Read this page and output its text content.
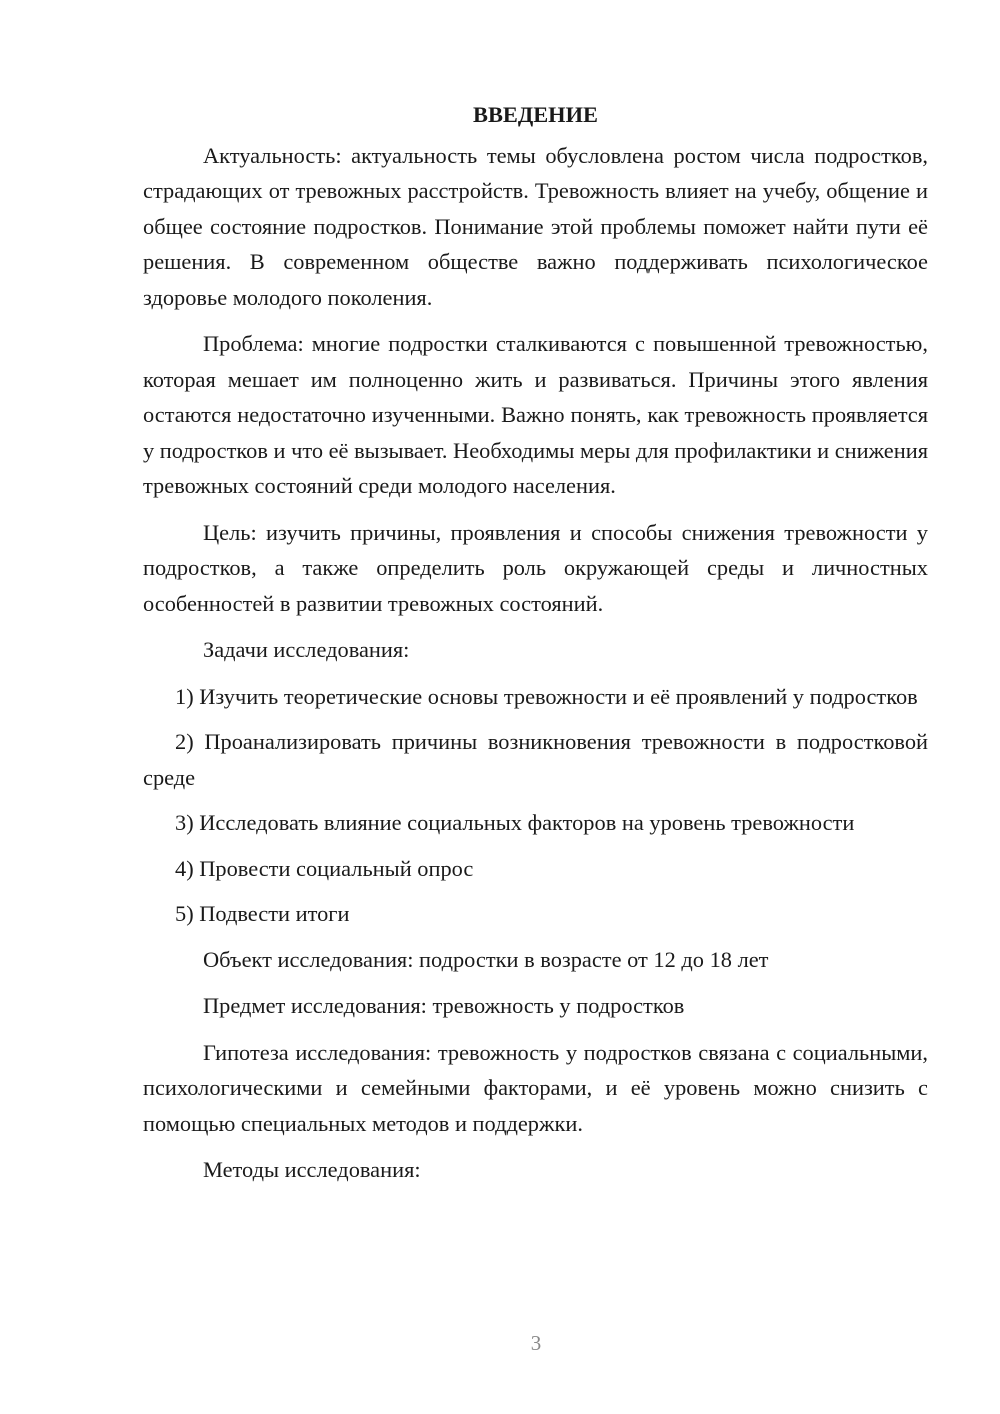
ВВЕДЕНИЕ

Актуальность: актуальность темы обусловлена ростом числа подростков, страдающих от тревожных расстройств. Тревожность влияет на учебу, общение и общее состояние подростков. Понимание этой проблемы поможет найти пути её решения. В современном обществе важно поддерживать психологическое здоровье молодого поколения.

Проблема: многие подростки сталкиваются с повышенной тревожностью, которая мешает им полноценно жить и развиваться. Причины этого явления остаются недостаточно изученными. Важно понять, как тревожность проявляется у подростков и что её вызывает. Необходимы меры для профилактики и снижения тревожных состояний среди молодого населения.

Цель: изучить причины, проявления и способы снижения тревожности у подростков, а также определить роль окружающей среды и личностных особенностей в развитии тревожных состояний.

Задачи исследования:

1) Изучить теоретические основы тревожности и её проявлений у подростков

2) Проанализировать причины возникновения тревожности в подростковой среде

3) Исследовать влияние социальных факторов на уровень тревожности

4) Провести социальный опрос

5) Подвести итоги

Объект исследования: подростки в возрасте от 12 до 18 лет

Предмет исследования: тревожность у подростков

Гипотеза исследования: тревожность у подростков связана с социальными, психологическими и семейными факторами, и её уровень можно снизить с помощью специальных методов и поддержки.

Методы исследования:

3
